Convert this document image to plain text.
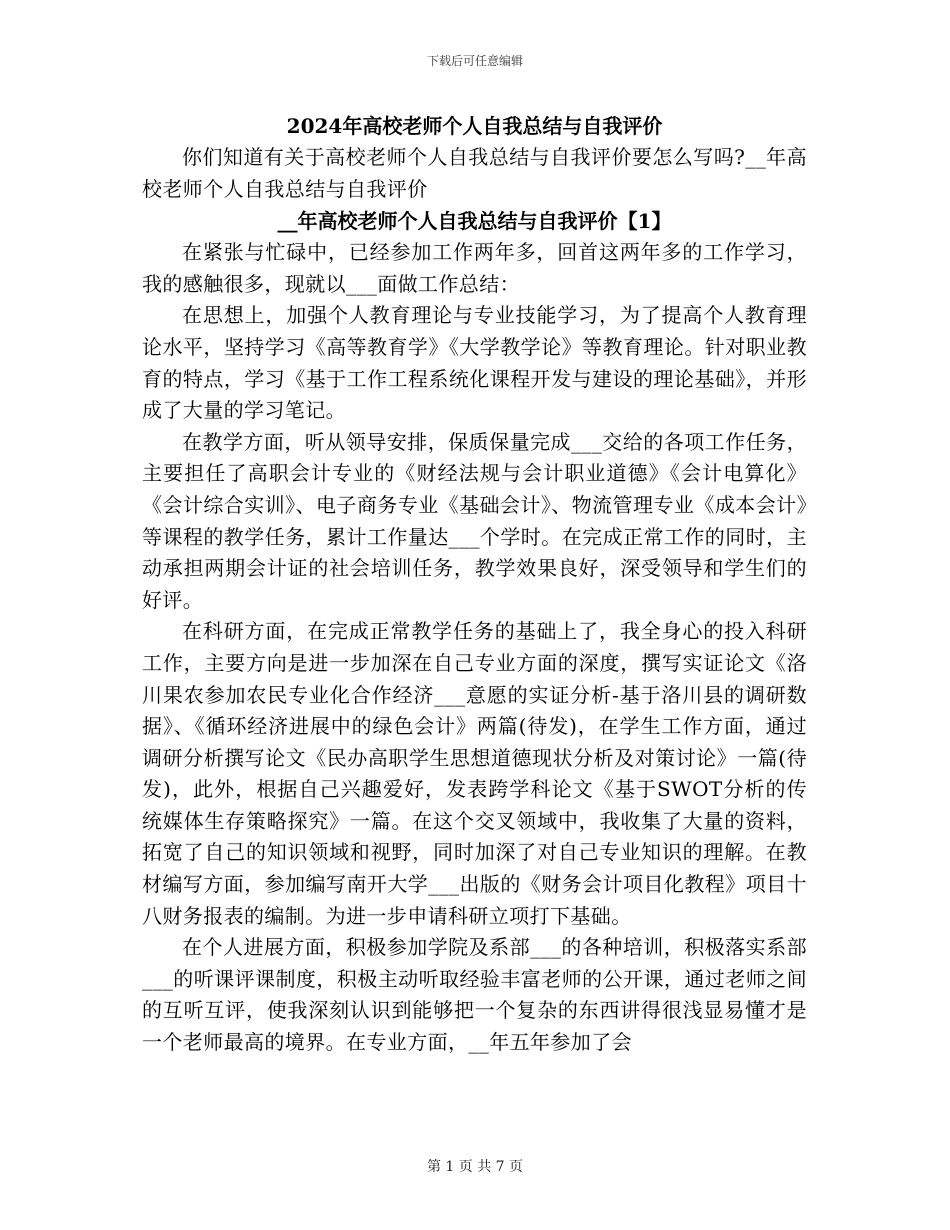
下载后可任意编辑
2024年高校老师个人自我总结与自我评价

你们知道有关于高校老师个人自我总结与自我评价要怎么写吗?__年高校老师个人自我总结与自我评价

__年高校老师个人自我总结与自我评价【1】

在紧张与忙碌中，已经参加工作两年多，回首这两年多的工作学习，我的感触很多，现就以___面做工作总结：

在思想上，加强个人教育理论与专业技能学习，为了提高个人教育理论水平，坚持学习《高等教育学》《大学教学论》等教育理论。针对职业教育的特点，学习《基于工作工程系统化课程开发与建设的理论基础》，并形成了大量的学习笔记。

在教学方面，听从领导安排，保质保量完成___交给的各项工作任务，主要担任了高职会计专业的《财经法规与会计职业道德》《会计电算化》《会计综合实训》、电子商务专业《基础会计》、物流管理专业《成本会计》等课程的教学任务，累计工作量达___个学时。在完成正常工作的同时，主动承担两期会计证的社会培训任务，教学效果良好，深受领导和学生们的好评。

在科研方面，在完成正常教学任务的基础上了，我全身心的投入科研工作，主要方向是进一步加深在自己专业方面的深度，撰写实证论文《洛川果农参加农民专业化合作经济___意愿的实证分析-基于洛川县的调研数据》、《循环经济进展中的绿色会计》两篇(待发)，在学生工作方面，通过调研分析撰写论文《民办高职学生思想道德现状分析及对策讨论》一篇(待发)，此外，根据自己兴趣爱好，发表跨学科论文《基于SWOT分析的传统媒体生存策略探究》一篇。在这个交叉领域中，我收集了大量的资料，拓宽了自己的知识领域和视野，同时加深了对自己专业知识的理解。在教材编写方面，参加编写南开大学___出版的《财务会计项目化教程》项目十八财务报表的编制。为进一步申请科研立项打下基础。

在个人进展方面，积极参加学院及系部___的各种培训，积极落实系部___的听课评课制度，积极主动听取经验丰富老师的公开课，通过老师之间的互听互评，使我深刻认识到能够把一个复杂的东西讲得很浅显易懂才是一个老师最高的境界。在专业方面，__年五年参加了会

第 1 页 共 7 页
